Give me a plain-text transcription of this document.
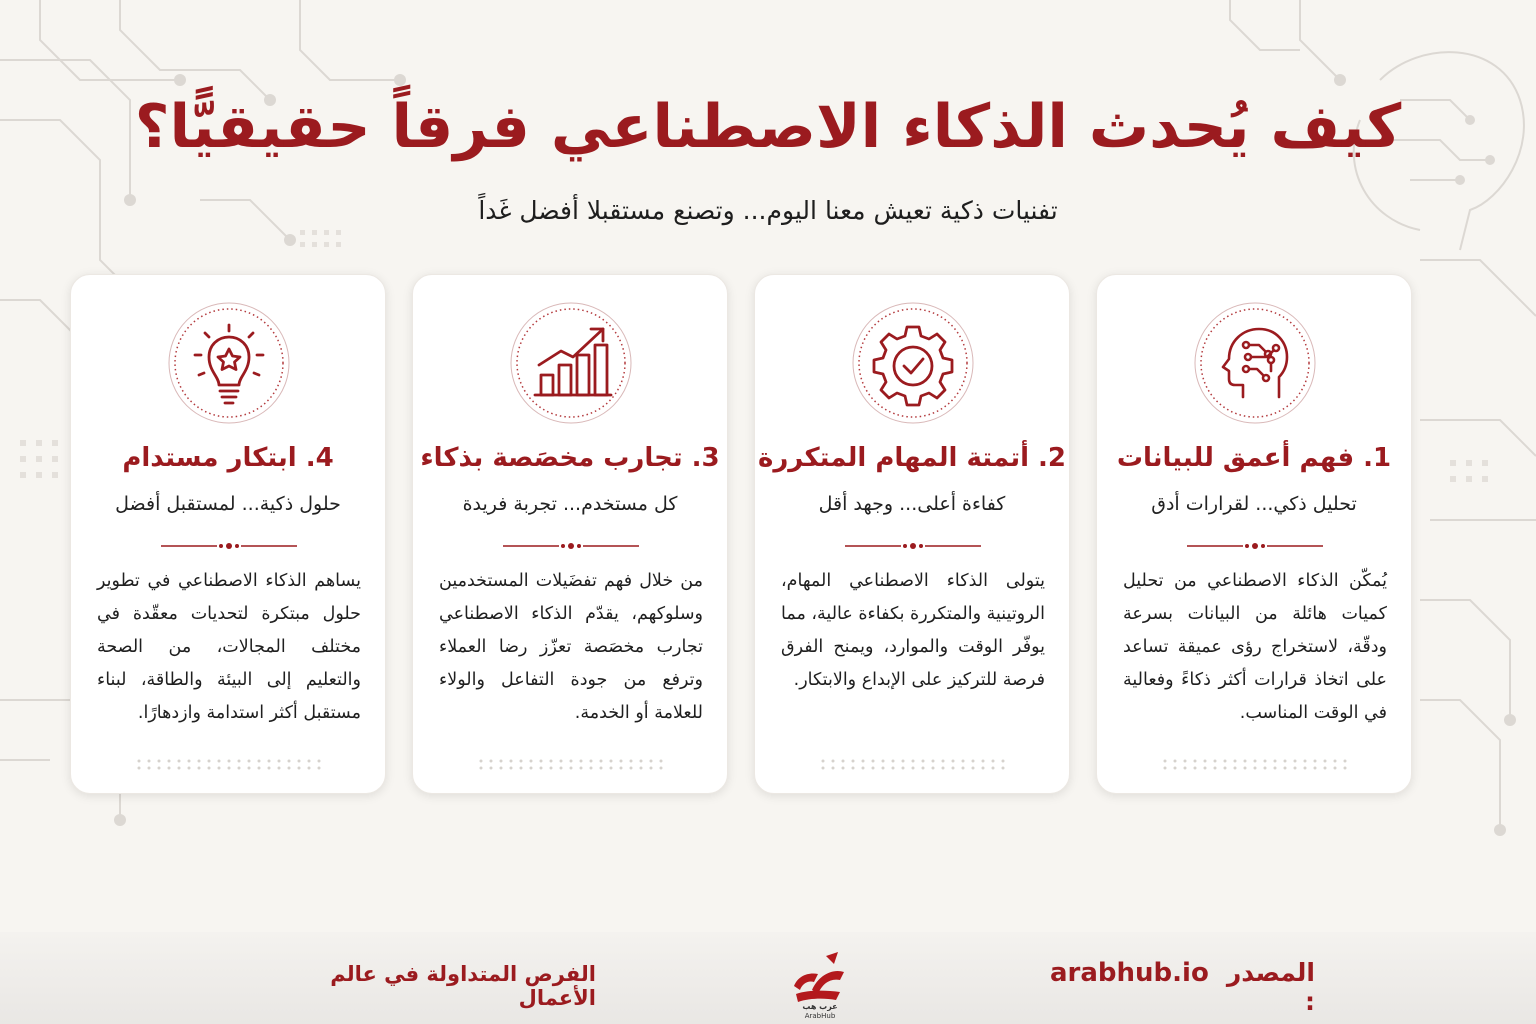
كيف يُحدث الذكاء الاصطناعي فرقاً حقيقيًّا؟

تفنيات ذكية تعيش معنا اليوم... وتصنع مستقبلا أفضل غَداً

1. فهم أعمق للبيانات

تحليل ذكي... لقرارات أدق

يُمكّن الذكاء الاصطناعي من تحليل كميات هائلة من البيانات بسرعة ودقّة، لاستخراج رؤى عميقة تساعد على اتخاذ قرارات أكثر ذكاءً وفعالية في الوقت المناسب.

2. أتمتة المهام المتكررة

كفاءة أعلى... وجهد أقل

يتولى الذكاء الاصطناعي المهام، الروتينية والمتكررة بكفاءة عالية، مما يوفّر الوقت والموارد، ويمنح الفرق فرصة للتركيز على الإبداع والابتكار.

3. تجارب مخصَصة بذكاء

كل مستخدم... تجربة فريدة

من خلال فهم تفضَيلات المستخدمين وسلوكهم، يقدّم الذكاء الاصطناعي تجارب مخصَصة تعزّز رضا العملاء وترفع من جودة التفاعل والولاء للعلامة أو الخدمة.

4. ابتكار مستدام

حلول ذكية... لمستقبل أفضل

يساهم الذكاء الاصطناعي في تطوير حلول مبتكرة لتحديات معقّدة في مختلف المجالات، من الصحة والتعليم إلى البيئة والطاقة، لبناء مستقبل أكثر استدامة وازدهارًا.

الفرص المتداولة في عالم الأعمال
المصدر :
arabhub.io
عرب هب
ArabHub
